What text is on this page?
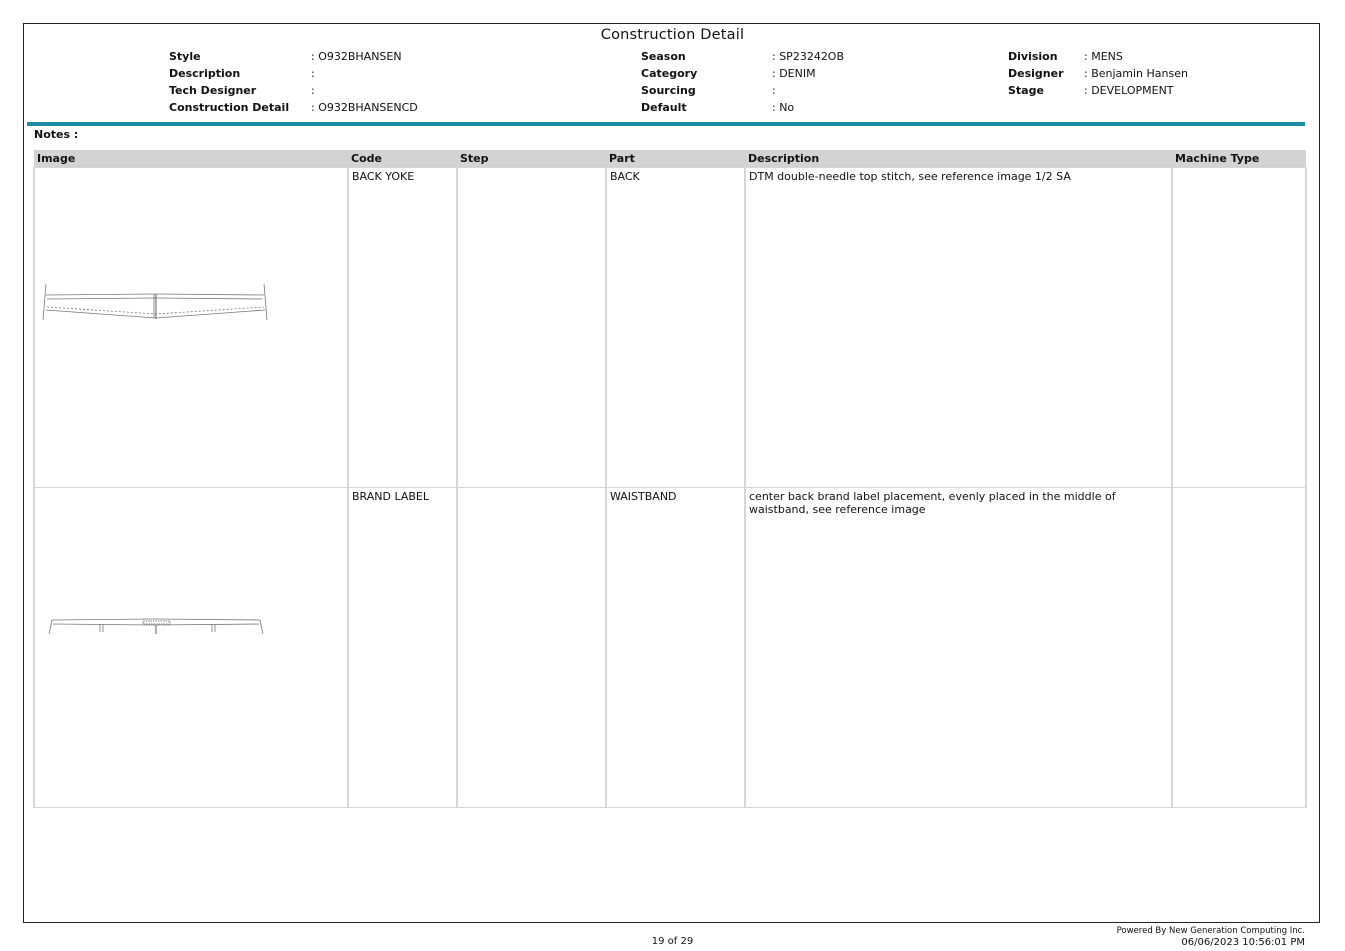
Construction Detail
Style	: O932BHANSEN
Description	:
Tech Designer	:
Construction Detail : O932BHANSENCD
Season	: SP23242OB
Category	: DENIM
Sourcing	:
Default	: No
Division : MENS
Designer : Benjamin Hansen
Stage	: DEVELOPMENT
Notes :
Image	Code	Step	Part	Description	Machine Type

	BACK YOKE		BACK	DTM double-needle top stitch, see reference image 1/2 SA	

	BRAND LABEL		WAISTBAND	center back brand label placement, evenly placed in the middle of waistband, see reference image	
Powered By New Generation Computing Inc.
06/06/2023 10:56:01 PM
19 of 29
